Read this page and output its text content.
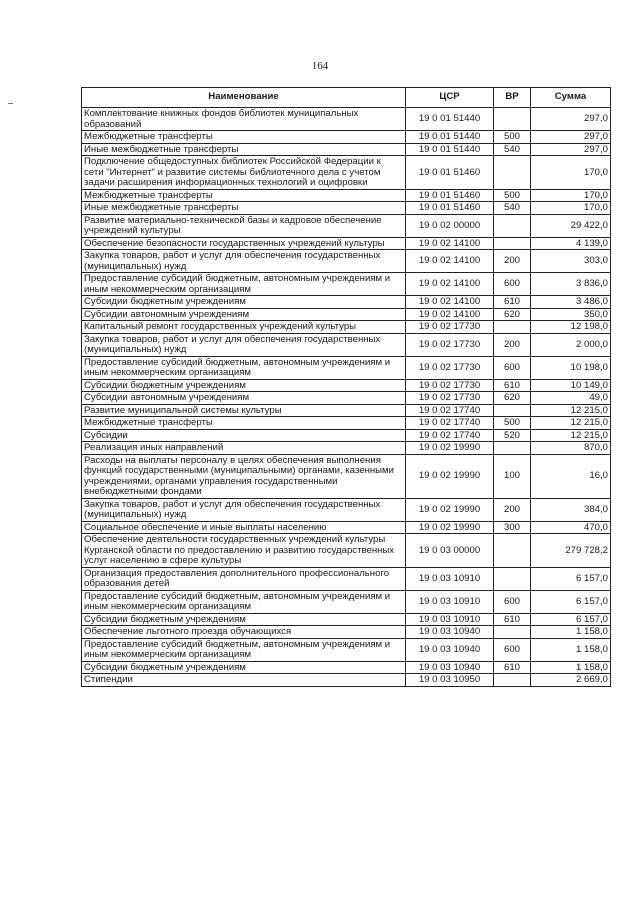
164
Наименование	ЦСР	ВР	Сумма
Комплектование книжных фондов библиотек муниципальных образований	19 0 01 51440		297,0
Межбюджетные трансферты	19 0 01 51440	500	297,0
Иные межбюджетные трансферты	19 0 01 51440	540	297,0
Подключение общедоступных библиотек Российской Федерации к сети "Интернет" и развитие системы библиотечного дела с учетом задачи расширения информационных технологий и оцифровки	19 0 01 51460		170,0
Межбюджетные трансферты	19 0 01 51460	500	170,0
Иные межбюджетные трансферты	19 0 01 51460	540	170,0
Развитие материально-технической базы и кадровое обеспечение учреждений культуры	19 0 02 00000		29 422,0
Обеспечение безопасности государственных учреждений культуры	19 0 02 14100		4 139,0
Закупка товаров, работ и услуг для обеспечения государственных (муниципальных) нужд	19 0 02 14100	200	303,0
Предоставление субсидий бюджетным, автономным учреждениям и иным некоммерческим организациям	19 0 02 14100	600	3 836,0
Субсидии бюджетным учреждениям	19 0 02 14100	610	3 486,0
Субсидии автономным учреждениям	19 0 02 14100	620	350,0
Капитальный ремонт государственных учреждений культуры	19 0 02 17730		12 198,0
Закупка товаров, работ и услуг для обеспечения государственных (муниципальных) нужд	19 0 02 17730	200	2 000,0
Предоставление субсидий бюджетным, автономным учреждениям и иным некоммерческим организациям	19 0 02 17730	600	10 198,0
Субсидии бюджетным учреждениям	19 0 02 17730	610	10 149,0
Субсидии автономным учреждениям	19 0 02 17730	620	49,0
Развитие муниципальной системы культуры	19 0 02 17740		12 215,0
Межбюджетные трансферты	19 0 02 17740	500	12 215,0
Субсидии	19 0 02 17740	520	12 215,0
Реализация иных направлений	19 0 02 19990		870,0
Расходы на выплаты персоналу в целях обеспечения выполнения функций государственными (муниципальными) органами, казенными учреждениями, органами управления государственными внебюджетными фондами	19 0 02 19990	100	16,0
Закупка товаров, работ и услуг для обеспечения государственных (муниципальных) нужд	19 0 02 19990	200	384,0
Социальное обеспечение и иные выплаты населению	19 0 02 19990	300	470,0
Обеспечение деятельности государственных учреждений культуры Курганской области по предоставлению и развитию государственных услуг населению в сфере культуры	19 0 03 00000		279 728,2
Организация предоставления дополнительного профессионального образования детей	19 0 03 10910		6 157,0
Предоставление субсидий бюджетным, автономным учреждениям и иным некоммерческим организациям	19 0 03 10910	600	6 157,0
Субсидии бюджетным учреждениям	19 0 03 10910	610	6 157,0
Обеспечение льготного проезда обучающихся	19 0 03 10940		1 158,0
Предоставление субсидий бюджетным, автономным учреждениям и иным некоммерческим организациям	19 0 03 10940	600	1 158,0
Субсидии бюджетным учреждениям	19 0 03 10940	610	1 158,0
Стипендии	19 0 03 10950		2 669,0
